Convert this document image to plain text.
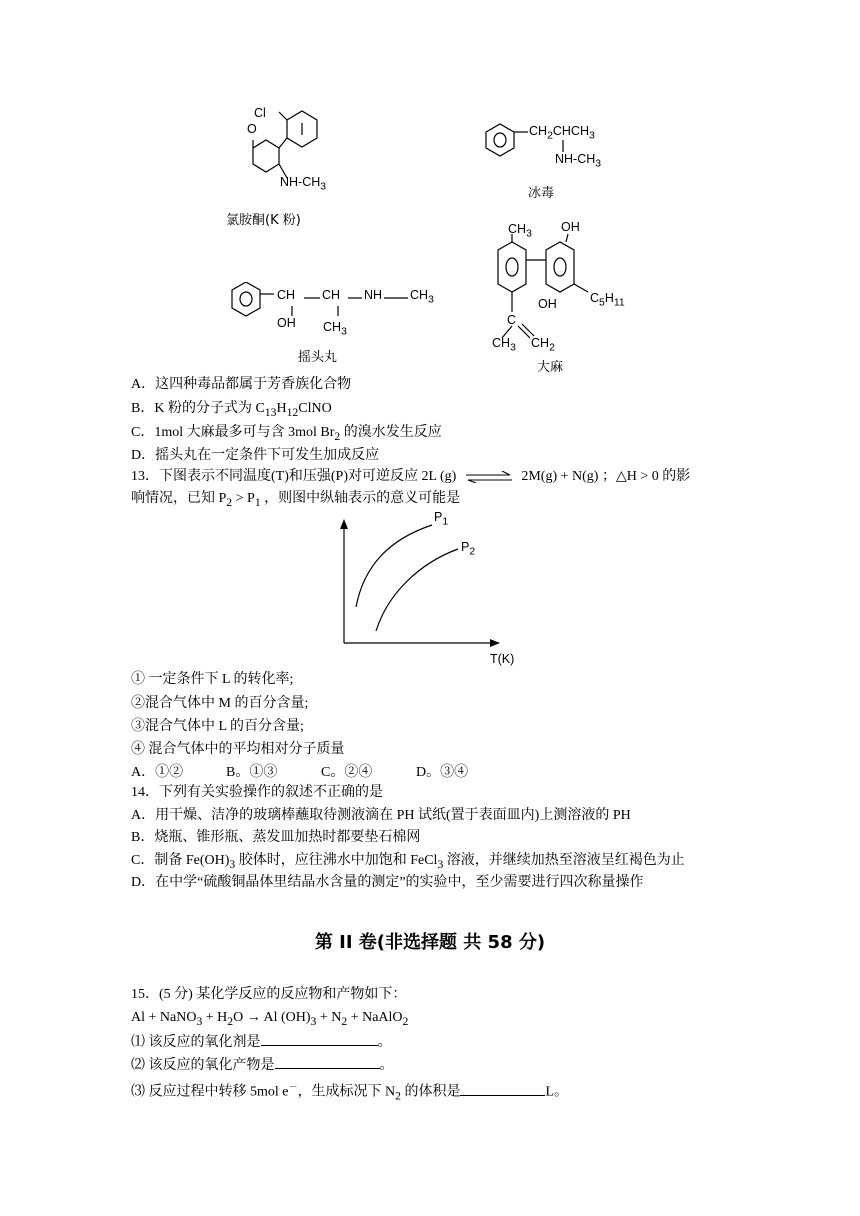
Cl
O
$NH-CH_3$
氯胺酮(K 粉)
$CH_2CHCH_3$
$NH-CH_3$
冰毒
CH CH NH $CH_3$
OH $CH_3$
摇头丸
$CH_3$ OH
OH	$C_5H_{11}$
C
$CH_3$ $CH_2$
大麻
A．这四种毒品都属于芳香族化合物
B．K 粉的分子式为 $C_{13}H_{12}ClNO$
C．1mol 大麻最多可与含 3mol $Br_2$ 的溴水发生反应
D．摇头丸在一定条件下可发生加成反应
13．下图表示不同温度(T)和压强(P)对可逆反应 2L (g) ⇌ 2M(g) + N(g) ；△H > 0 的影
响情况，已知 $P_2 > P_1$ ，则图中纵轴表示的意义可能是
$P_1$
$P_2$
T(K)
① 一定条件下 L 的转化率;
②混合气体中 M 的百分含量;
③混合气体中 L 的百分含量;
④ 混合气体中的平均相对分子质量
A．①②	B。①③	C。②④	D。③④
14．下列有关实验操作的叙述不正确的是
A．用干燥、洁净的玻璃棒蘸取待测液滴在 PH 试纸(置于表面皿内)上测溶液的 PH
B．烧瓶、锥形瓶、蒸发皿加热时都要垫石棉网
C．制备 $Fe(OH)_3$ 胶体时，应往沸水中加饱和 FeCl$_3$ 溶液，并继续加热至溶液呈红褐色为止
D．在中学“硫酸铜晶体里结晶水含量的测定”的实验中，至少需要进行四次称量操作
第 II 卷(非选择题 共 58 分)
15．(5 分) 某化学反应的反应物和产物如下：
Al + NaNO$_3$ + $H_2O \to Al$ $(OH)_3 + N_2$ + NaAlO$_2$
⑴ 该反应的氧化剂是	。
⑵ 该反应的氧化产物是	。
⑶ 反应过程中转移 5mol e－，生成标况下 $N_2$ 的体积是	L。
